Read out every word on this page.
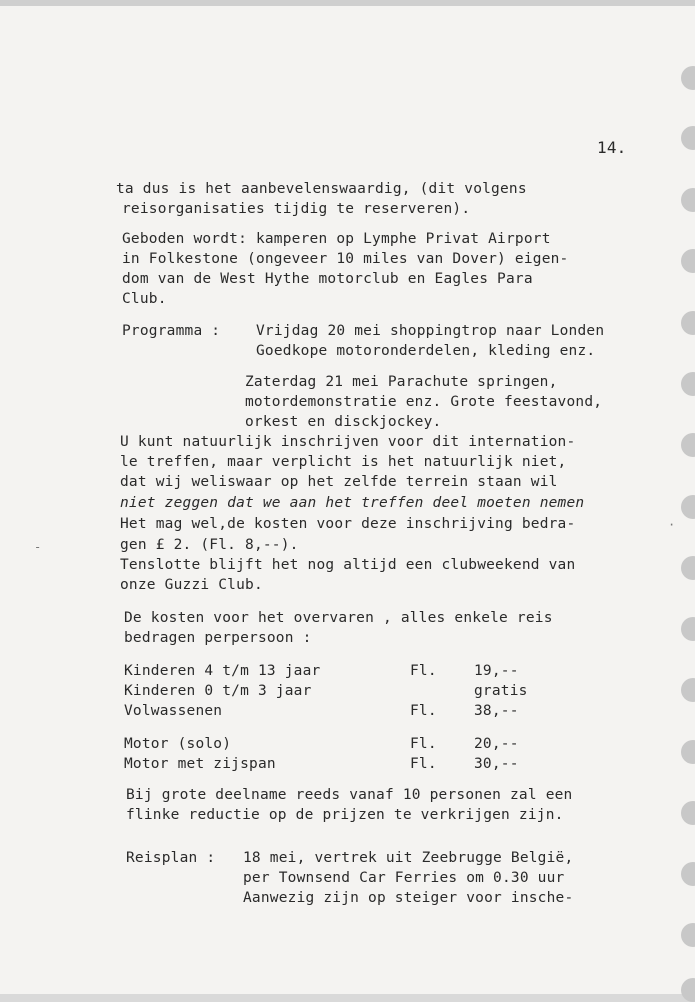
14.
ta dus is het aanbevelenswaardig, (dit volgens
reisorganisaties tijdig te reserveren).
Geboden wordt: kamperen op Lymphe Privat Airport
in Folkestone (ongeveer 10 miles van Dover) eigen-
dom van de West Hythe motorclub en Eagles Para
Club.
Programma : Vrijdag 20 mei shoppingtrop naar Londen
Goedkope motoronderdelen, kleding enz.
Zaterdag 21 mei Parachute springen,
motordemonstratie enz. Grote feestavond,
orkest en disckjockey.
U kunt natuurlijk inschrijven voor dit internation-
le treffen, maar verplicht is het natuurlijk niet,
dat wij weliswaar op het zelfde terrein staan wil
niet zeggen dat we aan het treffen deel moeten nemen
Het mag wel,de kosten voor deze inschrijving bedra-
gen £ 2. (Fl. 8,--).
Tenslotte blijft het nog altijd een clubweekend van
onze Guzzi Club.
De kosten voor het overvaren , alles enkele reis
bedragen perpersoon :
Kinderen 4 t/m 13 jaar	Fl.	19,--
Kinderen 0 t/m 3 jaar	gratis
Volwassenen	Fl.	38,--
Motor (solo)	Fl.	20,--
Motor met zijspan	Fl.	30,--
Bij grote deelname reeds vanaf 10 personen zal een
flinke reductie op de prijzen te verkrijgen zijn.
Reisplan : 18 mei, vertrek uit Zeebrugge België,
per Townsend Car Ferries om 0.30 uur
Aanwezig zijn op steiger voor insche-
-
·
